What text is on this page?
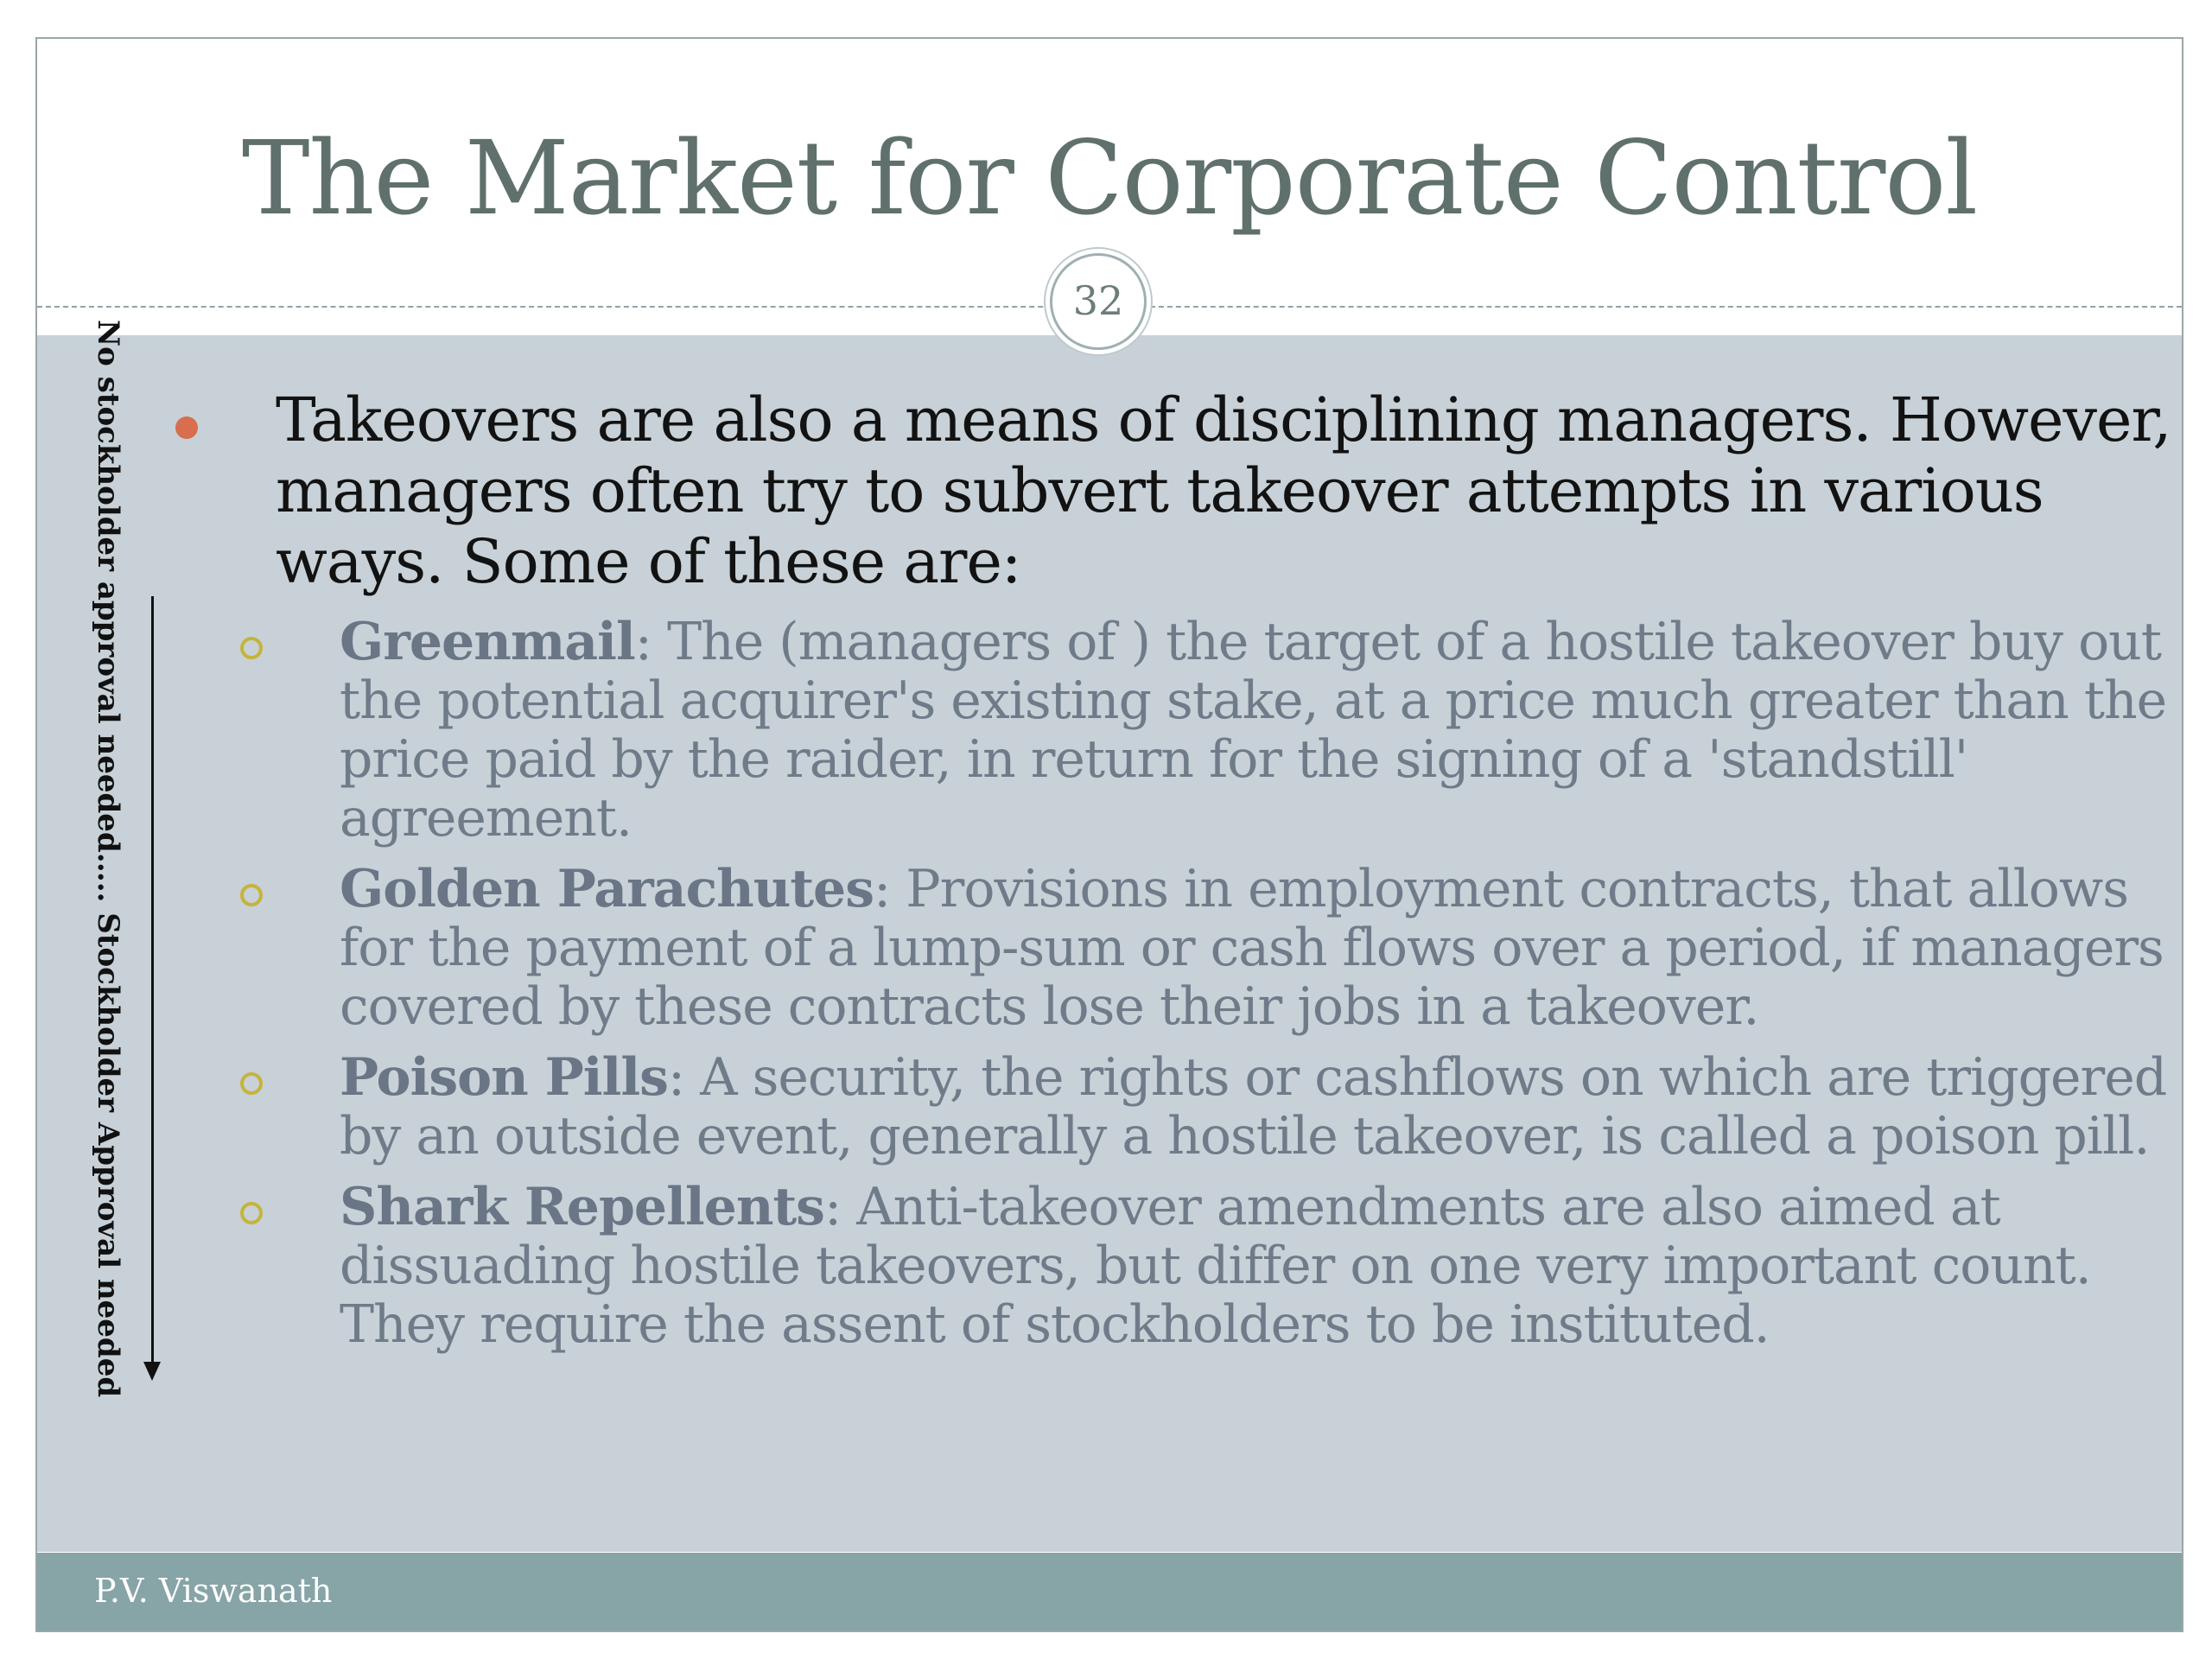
The Market for Corporate Control
32
No stockholder approval needed….. Stockholder Approval needed Takeovers are also a means of disciplining managers. However, managers often try to subvert takeover attempts in various ways. Some of these are:

Greenmail: The (managers of ) the target of a hostile takeover buy out the potential acquirer's existing stake, at a price much greater than the price paid by the raider, in return for the signing of a 'standstill' agreement.

Golden Parachutes: Provisions in employment contracts, that allows for the payment of a lump-sum or cash flows over a period, if managers covered by these contracts lose their jobs in a takeover.

Poison Pills: A security, the rights or cashflows on which are triggered by an outside event, generally a hostile takeover, is called a poison pill.

Shark Repellents: Anti-takeover amendments are also aimed at dissuading hostile takeovers, but differ on one very important count. They require the assent of stockholders to be instituted.

P.V. Viswanath
